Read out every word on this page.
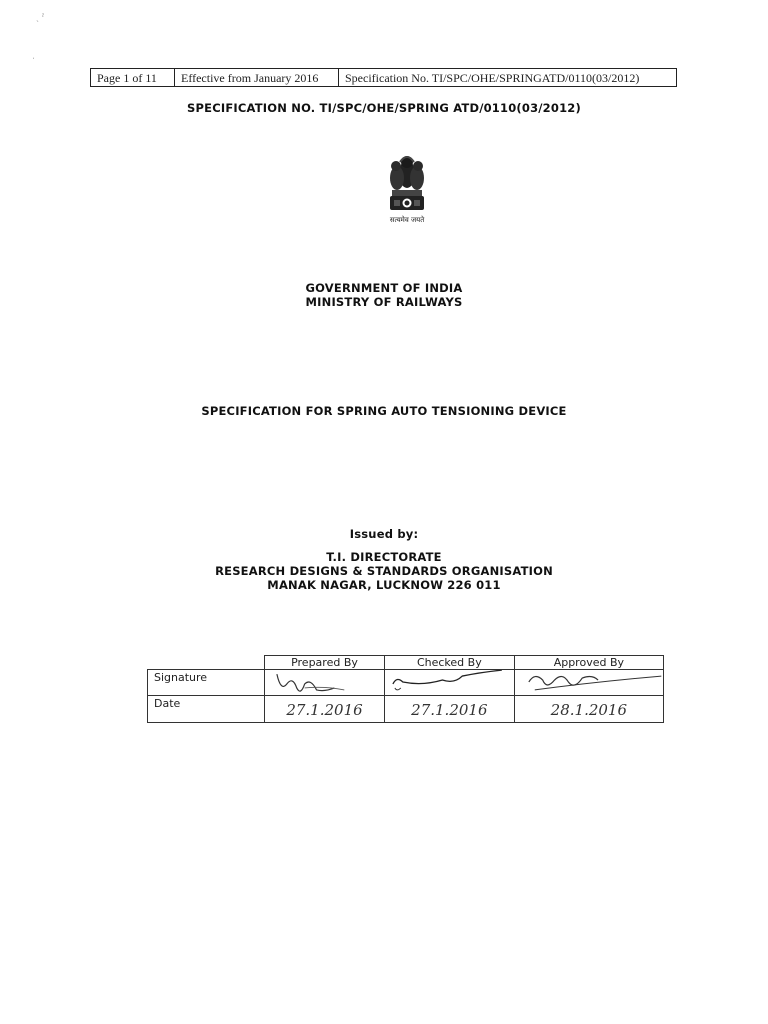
ˏ ˀ
ˑ
Page 1 of 11	Effective from January 2016	Specification No. TI/SPC/OHE/SPRINGATD/0110(03/2012)
SPECIFICATION NO. TI/SPC/OHE/SPRING ATD/0110(03/2012)
सत्यमेव जयते
GOVERNMENT OF INDIA
MINISTRY OF RAILWAYS
SPECIFICATION FOR SPRING AUTO TENSIONING DEVICE
Issued by:
T.I. DIRECTORATE
RESEARCH DESIGNS & STANDARDS ORGANISATION
MANAK NAGAR, LUCKNOW 226 011
	Prepared By	Checked By	Approved By
Signature	

Date	27.1.2016	27.1.2016	28.1.2016
